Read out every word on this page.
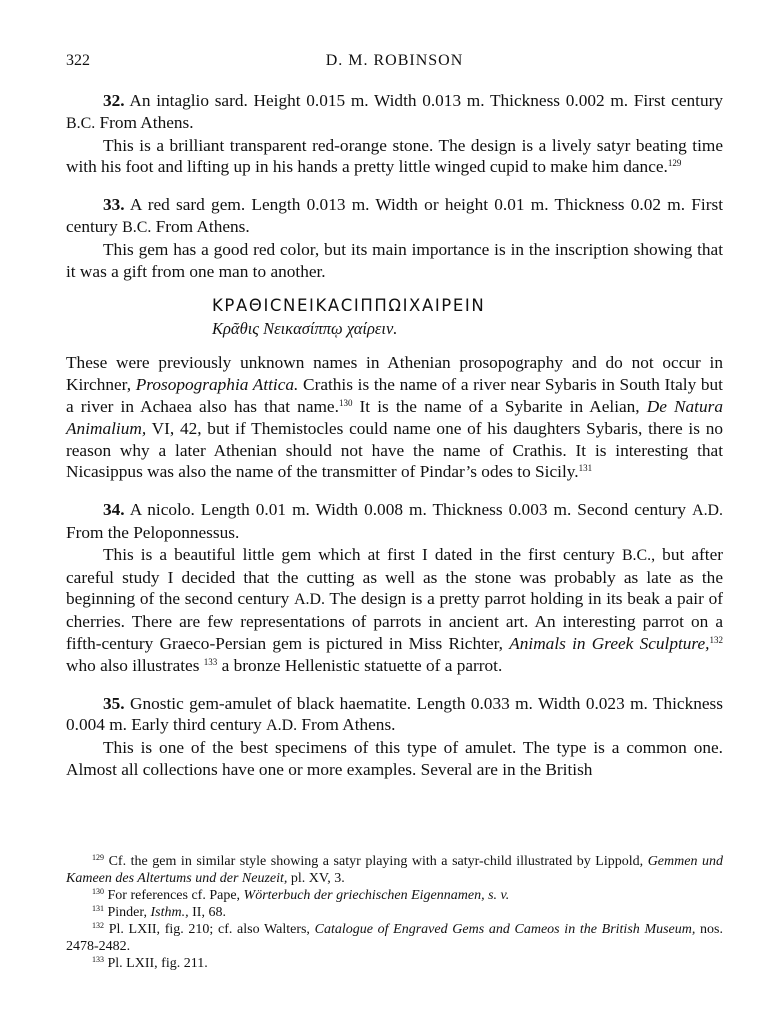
322	D. M. ROBINSON

32. An intaglio sard. Height 0.015 m. Width 0.013 m. Thickness 0.002 m. First century B.C. From Athens.

This is a brilliant transparent red-orange stone. The design is a lively satyr beating time with his foot and lifting up in his hands a pretty little winged cupid to make him dance.$^{129}$

33. A red sard gem. Length 0.013 m. Width or height 0.01 m. Thickness 0.02 m. First century B.C. From Athens.

This gem has a good red color, but its main importance is in the inscription showing that it was a gift from one man to another.

ΚΡΑΘΙCΝΕΙΚΑCΙΠΠΩΙΧΑΙΡΕΙΝ
Κρᾶθις Νεικασίππῳ χαίρειν.

These were previously unknown names in Athenian prosopography and do not occur in Kirchner, Prosopographia Attica. Crathis is the name of a river near Sybaris in South Italy but a river in Achaea also has that name.$^{130}$ It is the name of a Sybarite in Aelian, De Natura Animalium, VI, 42, but if Themistocles could name one of his daughters Sybaris, there is no reason why a later Athenian should not have the name of Crathis. It is interesting that Nicasippus was also the name of the transmitter of Pindar’s odes to Sicily.$^{131}$

34. A nicolo. Length 0.01 m. Width 0.008 m. Thickness 0.003 m. Second century A.D. From the Peloponnessus.

This is a beautiful little gem which at first I dated in the first century B.C., but after careful study I decided that the cutting as well as the stone was probably as late as the beginning of the second century A.D. The design is a pretty parrot holding in its beak a pair of cherries. There are few representations of parrots in ancient art. An interesting parrot on a fifth-century Graeco-Persian gem is pictured in Miss Richter, Animals in Greek Sculpture,$^{132}$ who also illustrates $^{133}$ a bronze Hellenistic statuette of a parrot.

35. Gnostic gem-amulet of black haematite. Length 0.033 m. Width 0.023 m. Thickness 0.004 m. Early third century A.D. From Athens.

This is one of the best specimens of this type of amulet. The type is a common one. Almost all collections have one or more examples. Several are in the British

$^{129}$ Cf. the gem in similar style showing a satyr playing with a satyr-child illustrated by Lippold, Gemmen und Kameen des Altertums und der Neuzeit, pl. XV, 3.

$^{130}$ For references cf. Pape, Wörterbuch der griechischen Eigennamen, s. v.

$^{131}$ Pinder, Isthm., II, 68.

$^{132}$ Pl. LXII, fig. 210; cf. also Walters, Catalogue of Engraved Gems and Cameos in the British Museum, nos. 2478-2482.

$^{133}$ Pl. LXII, fig. 211.
